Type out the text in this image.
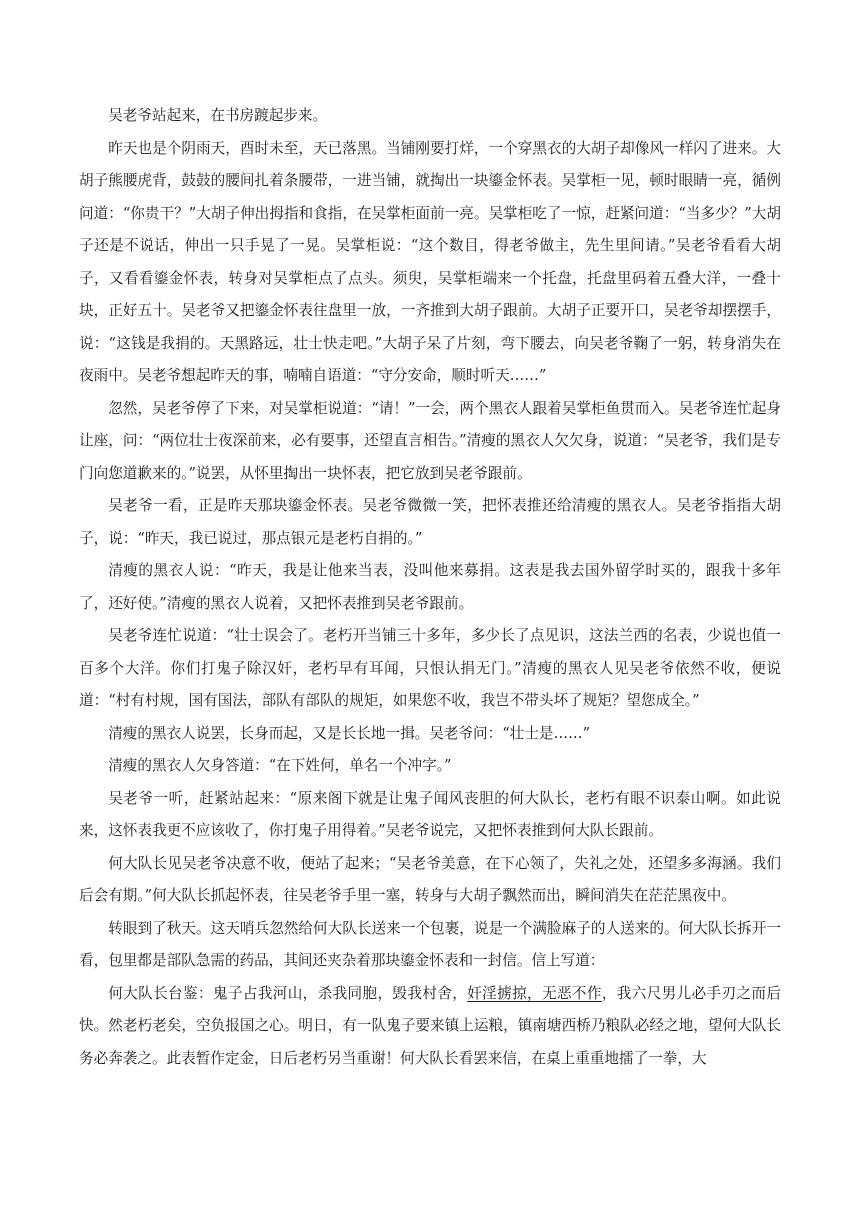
吴老爷站起来，在书房踱起步来。

昨天也是个阴雨天，酉时未至，天已落黑。当铺刚要打烊，一个穿黑衣的大胡子却像风一样闪了进来。大胡子熊腰虎背，鼓鼓的腰间扎着条腰带，一进当铺，就掏出一块鎏金怀表。吴掌柜一见，顿时眼睛一亮，循例问道：“你贵干？”大胡子伸出拇指和食指，在吴掌柜面前一亮。吴掌柜吃了一惊，赶紧问道：“当多少？”大胡子还是不说话，伸出一只手晃了一晃。吴掌柜说：“这个数目，得老爷做主，先生里间请。”吴老爷看看大胡子，又看看鎏金怀表，转身对吴掌柜点了点头。须臾，吴掌柜端来一个托盘，托盘里码着五叠大洋，一叠十块，正好五十。吴老爷又把鎏金怀表往盘里一放，一齐推到大胡子跟前。大胡子正要开口，吴老爷却摆摆手，说：“这钱是我捐的。天黑路远，壮士快走吧。”大胡子呆了片刻，弯下腰去，向吴老爷鞠了一躬，转身消失在夜雨中。吴老爷想起昨天的事，喃喃自语道：“守分安命，顺时听天……”

忽然，吴老爷停了下来，对吴掌柜说道：“请！”一会，两个黑衣人跟着吴掌柜鱼贯而入。吴老爷连忙起身让座，问：“两位壮士夜深前来，必有要事，还望直言相告。”清瘦的黑衣人欠欠身，说道：“吴老爷，我们是专门向您道歉来的。”说罢，从怀里掏出一块怀表，把它放到吴老爷跟前。

吴老爷一看，正是昨天那块鎏金怀表。吴老爷微微一笑，把怀表推还给清瘦的黑衣人。吴老爷指指大胡子，说：“昨天，我已说过，那点银元是老朽自捐的。”

清瘦的黑衣人说：“昨天，我是让他来当表，没叫他来募捐。这表是我去国外留学时买的，跟我十多年了，还好使。”清瘦的黑衣人说着，又把怀表推到吴老爷跟前。

吴老爷连忙说道：“壮士误会了。老朽开当铺三十多年，多少长了点见识，这法兰西的名表，少说也值一百多个大洋。你们打鬼子除汉奸，老朽早有耳闻，只恨认捐无门。”清瘦的黑衣人见吴老爷依然不收，便说道：“村有村规，国有国法，部队有部队的规矩，如果您不收，我岂不带头坏了规矩？望您成全。”

清瘦的黑衣人说罢，长身而起，又是长长地一揖。吴老爷问：“壮士是……”

清瘦的黑衣人欠身答道：“在下姓何，单名一个冲字。”

吴老爷一听，赶紧站起来：“原来阁下就是让鬼子闻风丧胆的何大队长，老朽有眼不识泰山啊。如此说来，这怀表我更不应该收了，你打鬼子用得着。”吴老爷说完，又把怀表推到何大队长跟前。

何大队长见吴老爷决意不收，便站了起来；“吴老爷美意，在下心领了，失礼之处，还望多多海涵。我们后会有期。”何大队长抓起怀表，往吴老爷手里一塞，转身与大胡子飘然而出，瞬间消失在茫茫黑夜中。

转眼到了秋天。这天哨兵忽然给何大队长送来一个包裹，说是一个满脸麻子的人送来的。何大队长拆开一看，包里都是部队急需的药品，其间还夹杂着那块鎏金怀表和一封信。信上写道：

何大队长台鉴：鬼子占我河山，杀我同胞，毁我村舍，奸淫掳掠，无恶不作，我六尺男儿必手刃之而后快。然老朽老矣，空负报国之心。明日，有一队鬼子要来镇上运粮，镇南塘西桥乃粮队必经之地，望何大队长务必奔袭之。此表暂作定金，日后老朽另当重谢！何大队长看罢来信，在桌上重重地擂了一拳，大
